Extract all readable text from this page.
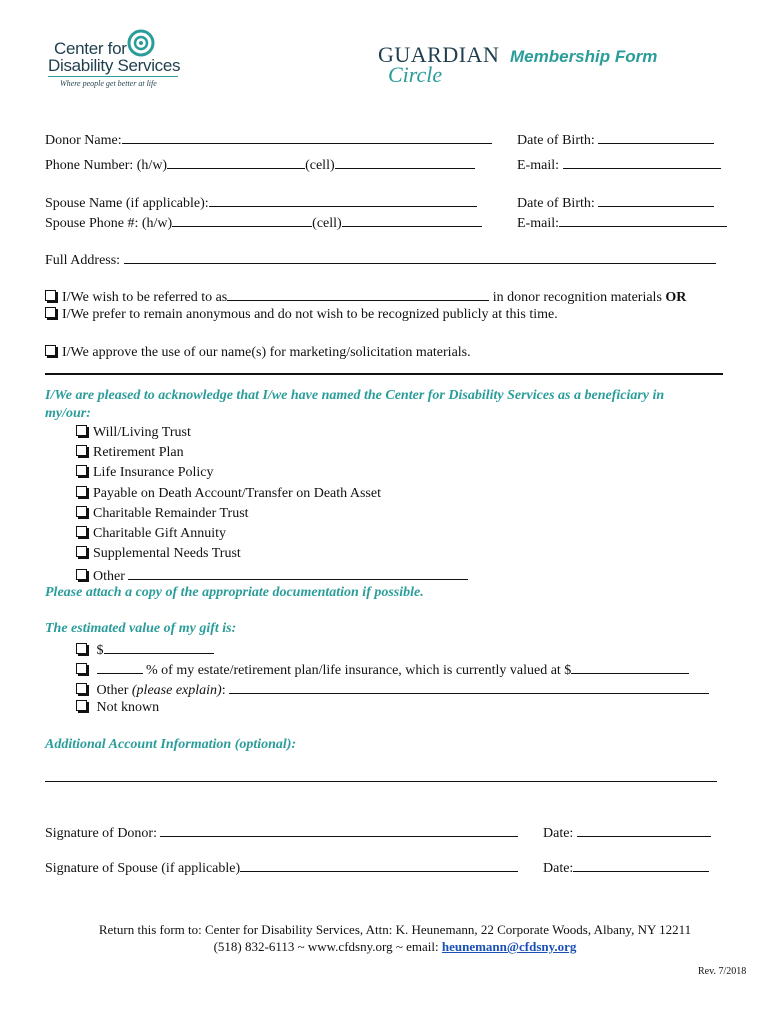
Center for
Disability Services
Where people get better at life
GUARDIAN
Circle
Membership Form
Donor Name:	Date of Birth:
Phone Number: (h/w)	(cell)	E-mail:
Spouse Name (if applicable):	Date of Birth:
Spouse Phone #: (h/w)	(cell)	E-mail:
Full Address:
I/We wish to be referred to as	in donor recognition materials OR
I/We prefer to remain anonymous and do not wish to be recognized publicly at this time.
I/We approve the use of our name(s) for marketing/solicitation materials.
I/We are pleased to acknowledge that I/we have named the Center for Disability Services as a beneficiary in
my/our:
Will/Living Trust
Retirement Plan
Life Insurance Policy
Payable on Death Account/Transfer on Death Asset
Charitable Remainder Trust
Charitable Gift Annuity
Supplemental Needs Trust
Other
Please attach a copy of the appropriate documentation if possible.
The estimated value of my gift is:
$
% of my estate/retirement plan/life insurance, which is currently valued at $
Other (please explain):
Not known
Additional Account Information (optional):
Signature of Donor:	Date:
Signature of Spouse (if applicable)	Date:
Return this form to: Center for Disability Services, Attn: K. Heunemann, 22 Corporate Woods, Albany, NY 12211
(518) 832-6113 ~ www.cfdsny.org ~ email: heunemann@cfdsny.org
Rev. 7/2018
